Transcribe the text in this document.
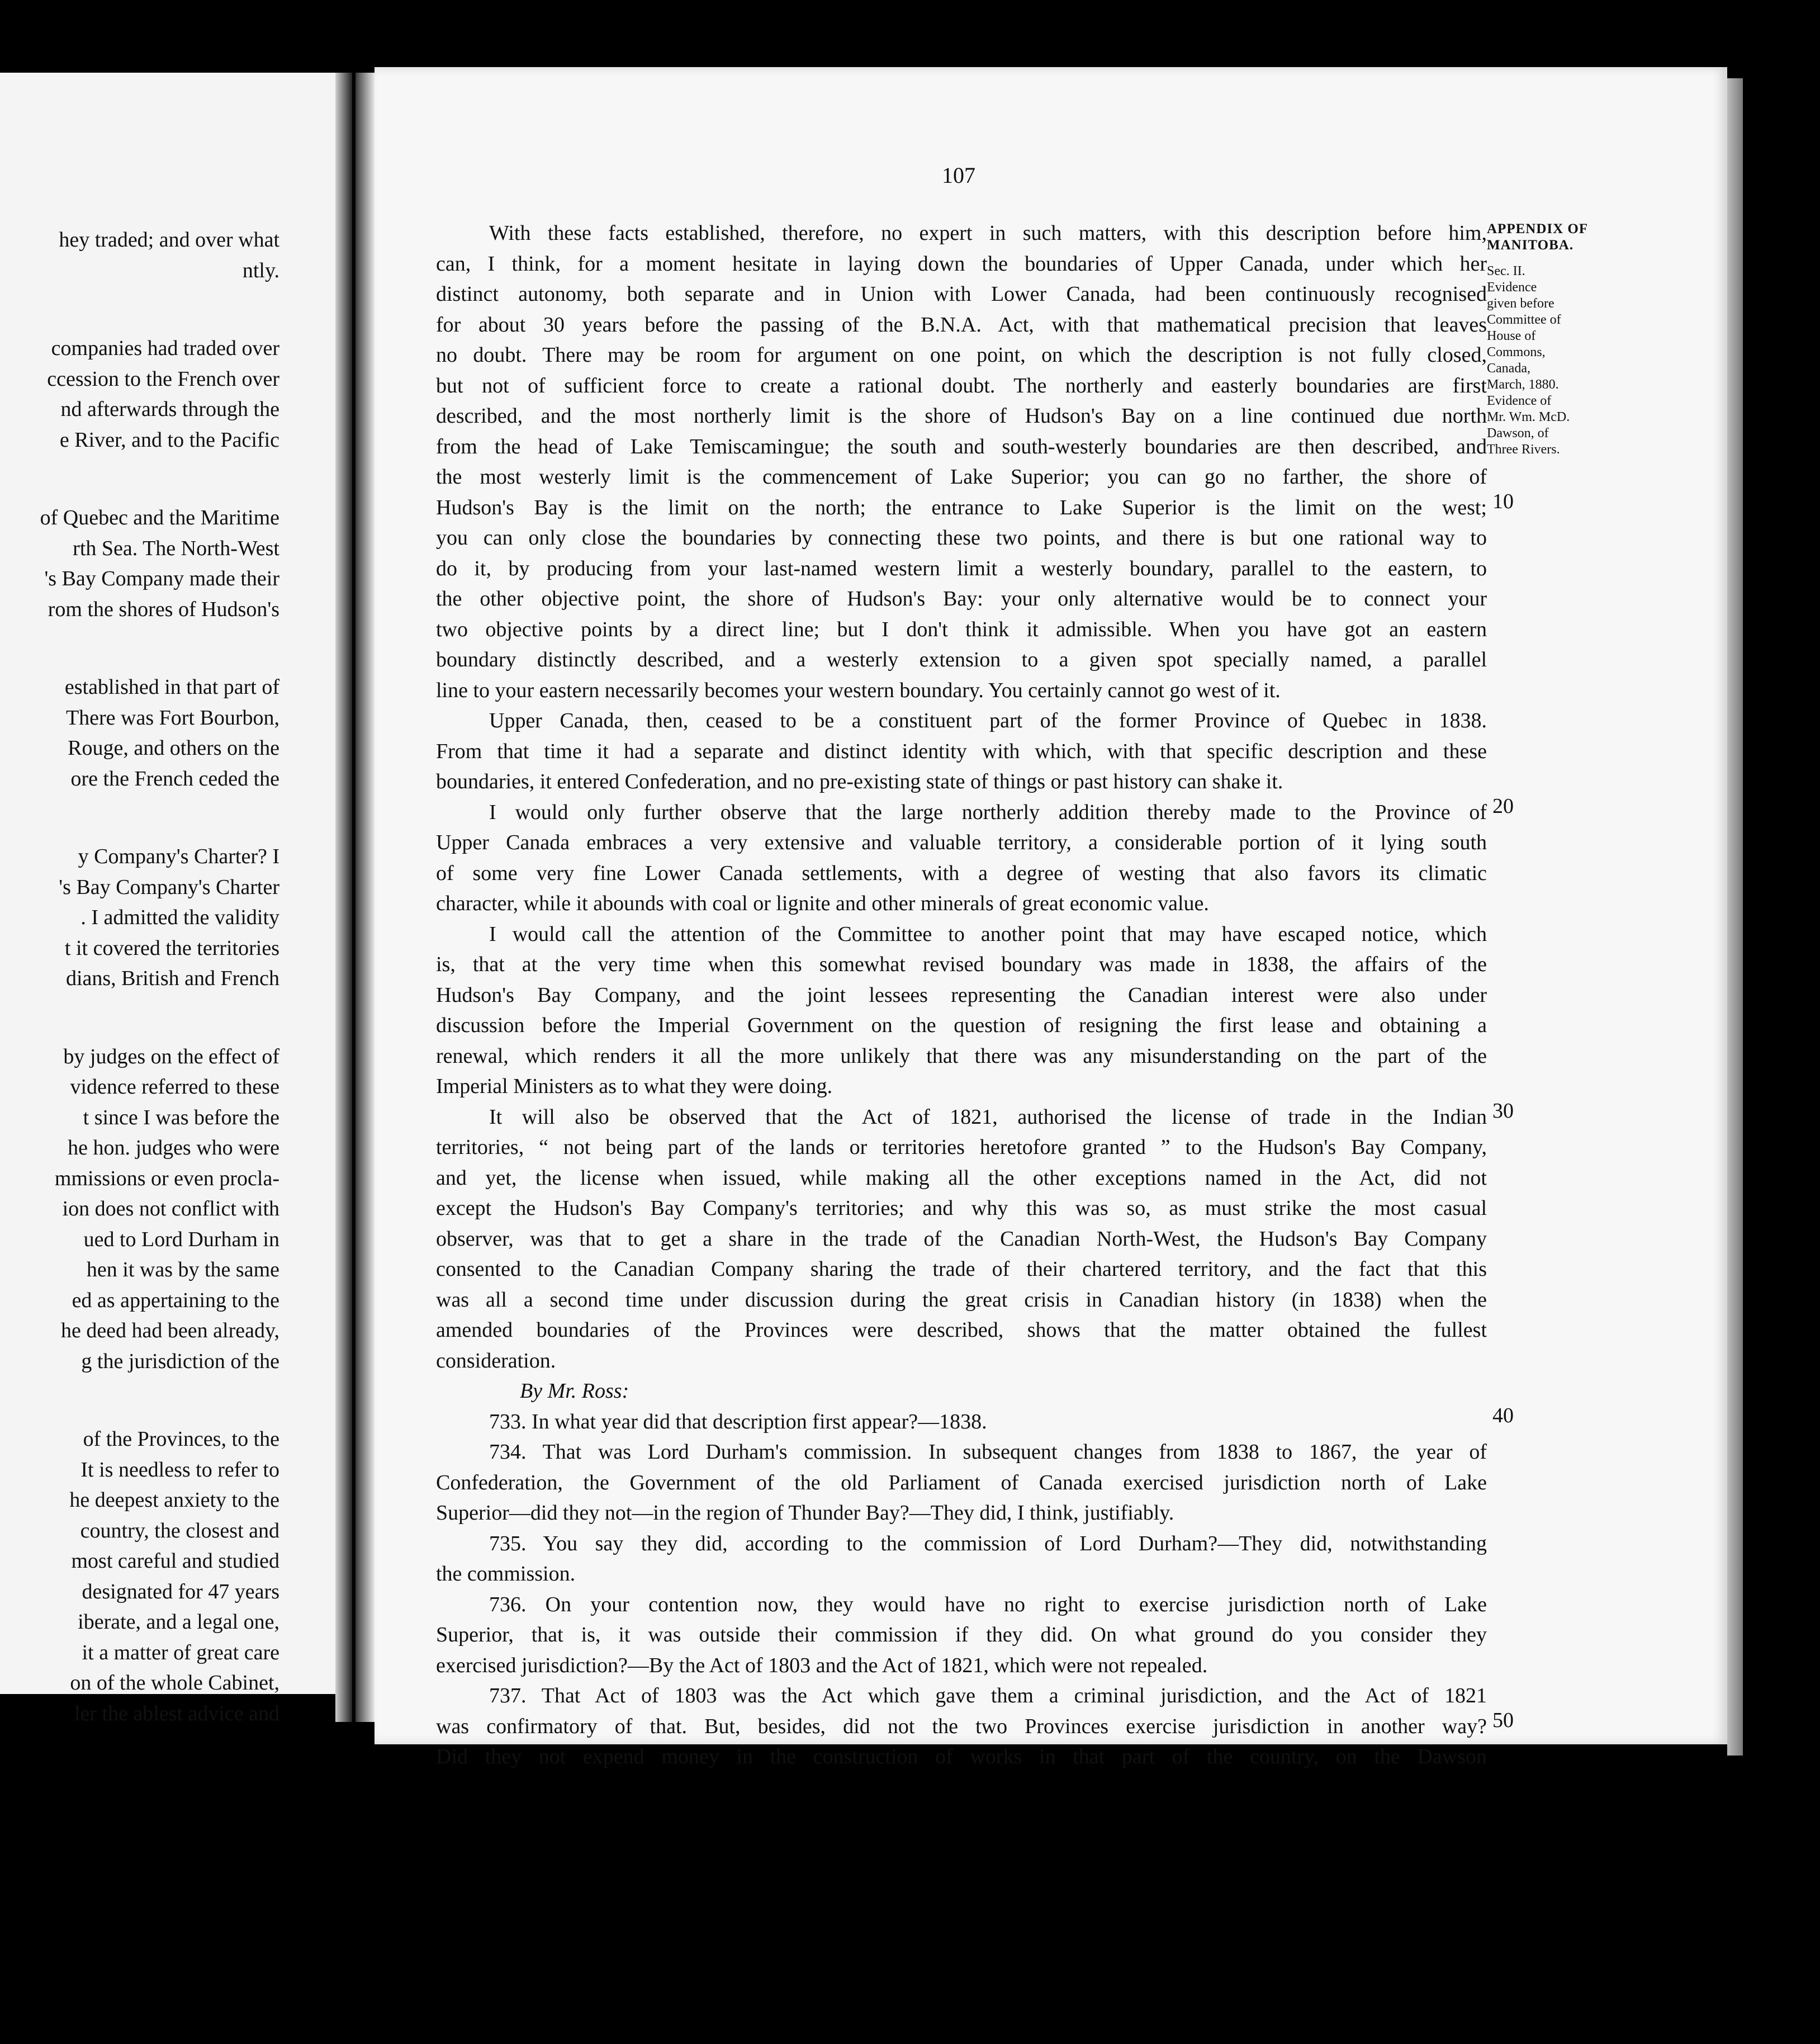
hey traded; and over what
ntly.
companies had traded over
ccession to the French over
nd afterwards through the
e River, and to the Pacific
of Quebec and the Maritime
rth Sea. The North-West
's Bay Company made their
rom the shores of Hudson's
established in that part of
There was Fort Bourbon,
Rouge, and others on the
ore the French ceded the
y Company's Charter? I
's Bay Company's Charter
. I admitted the validity
t it covered the territories
dians, British and French
by judges on the effect of
vidence referred to these
t since I was before the
he hon. judges who were
mmissions or even procla-
ion does not conflict with
ued to Lord Durham in
hen it was by the same
ed as appertaining to the
he deed had been already,
g the jurisdiction of the
of the Provinces, to the
It is needless to refer to
he deepest anxiety to the
country, the closest and
most careful and studied
designated for 47 years
iberate, and a legal one,
it a matter of great care
on of the whole Cabinet,
ler the ablest advice and
107
With these facts established, therefore, no expert in such matters, with this description before him,
can, I think, for a moment hesitate in laying down the boundaries of Upper Canada, under which her
distinct autonomy, both separate and in Union with Lower Canada, had been continuously recognised
for about 30 years before the passing of the B.N.A. Act, with that mathematical precision that leaves
no doubt. There may be room for argument on one point, on which the description is not fully closed,
but not of sufficient force to create a rational doubt. The northerly and easterly boundaries are first
described, and the most northerly limit is the shore of Hudson's Bay on a line continued due north
from the head of Lake Temiscamingue; the south and south-westerly boundaries are then described, and
the most westerly limit is the commencement of Lake Superior; you can go no farther, the shore of
Hudson's Bay is the limit on the north; the entrance to Lake Superior is the limit on the west;
you can only close the boundaries by connecting these two points, and there is but one rational way to
do it, by producing from your last-named western limit a westerly boundary, parallel to the eastern, to
the other objective point, the shore of Hudson's Bay: your only alternative would be to connect your
two objective points by a direct line; but I don't think it admissible. When you have got an eastern
boundary distinctly described, and a westerly extension to a given spot specially named, a parallel
line to your eastern necessarily becomes your western boundary. You certainly cannot go west of it.
Upper Canada, then, ceased to be a constituent part of the former Province of Quebec in 1838.
From that time it had a separate and distinct identity with which, with that specific description and these
boundaries, it entered Confederation, and no pre-existing state of things or past history can shake it.
I would only further observe that the large northerly addition thereby made to the Province of
Upper Canada embraces a very extensive and valuable territory, a considerable portion of it lying south
of some very fine Lower Canada settlements, with a degree of westing that also favors its climatic
character, while it abounds with coal or lignite and other minerals of great economic value.
I would call the attention of the Committee to another point that may have escaped notice, which
is, that at the very time when this somewhat revised boundary was made in 1838, the affairs of the
Hudson's Bay Company, and the joint lessees representing the Canadian interest were also under
discussion before the Imperial Government on the question of resigning the first lease and obtaining a
renewal, which renders it all the more unlikely that there was any misunderstanding on the part of the
Imperial Ministers as to what they were doing.
It will also be observed that the Act of 1821, authorised the license of trade in the Indian
territories, “ not being part of the lands or territories heretofore granted ” to the Hudson's Bay Company,
and yet, the license when issued, while making all the other exceptions named in the Act, did not
except the Hudson's Bay Company's territories; and why this was so, as must strike the most casual
observer, was that to get a share in the trade of the Canadian North-West, the Hudson's Bay Company
consented to the Canadian Company sharing the trade of their chartered territory, and the fact that this
was all a second time under discussion during the great crisis in Canadian history (in 1838) when the
amended boundaries of the Provinces were described, shows that the matter obtained the fullest
consideration.
By Mr. Ross:
733. In what year did that description first appear?—1838.
734. That was Lord Durham's commission. In subsequent changes from 1838 to 1867, the year of
Confederation, the Government of the old Parliament of Canada exercised jurisdiction north of Lake
Superior—did they not—in the region of Thunder Bay?—They did, I think, justifiably.
735. You say they did, according to the commission of Lord Durham?—They did, notwithstanding
the commission.
736. On your contention now, they would have no right to exercise jurisdiction north of Lake
Superior, that is, it was outside their commission if they did. On what ground do you consider they
exercised jurisdiction?—By the Act of 1803 and the Act of 1821, which were not repealed.
737. That Act of 1803 was the Act which gave them a criminal jurisdiction, and the Act of 1821
was confirmatory of that. But, besides, did not the two Provinces exercise jurisdiction in another way?
Did they not expend money in the construction of works in that part of the country, on the Dawson
APPENDIX OF MANITOBA.
Sec. II.
Evidence
given before
Committee of
House of
Commons,
Canada,
March, 1880.
Evidence of
Mr. Wm. McD.
Dawson, of
Three Rivers.
10
20
30
40
50
